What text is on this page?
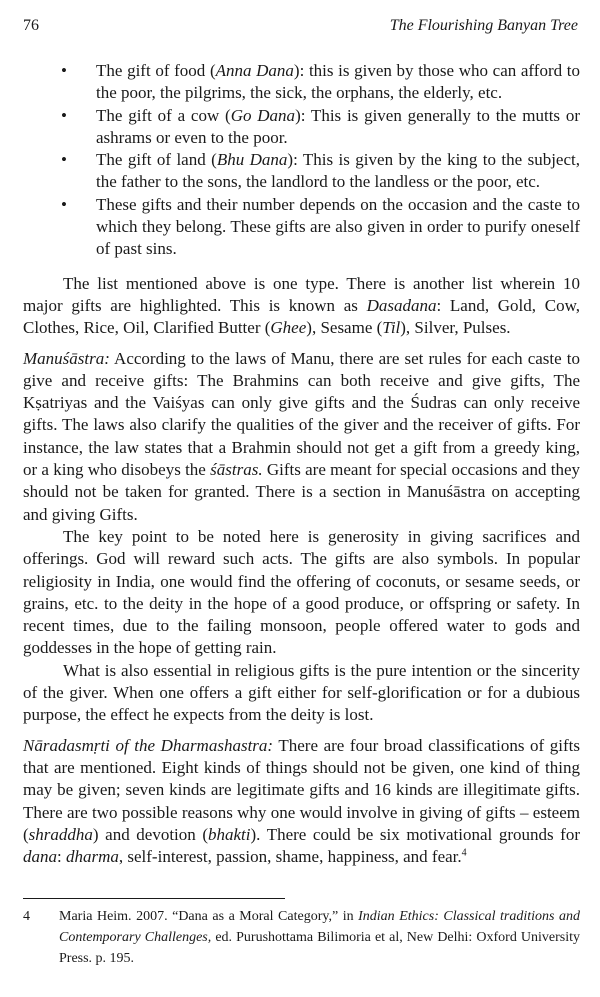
76	The Flourishing Banyan Tree
• The gift of food (Anna Dana): this is given by those who can afford to the poor, the pilgrims, the sick, the orphans, the elderly, etc.
• The gift of a cow (Go Dana): This is given generally to the mutts or ashrams or even to the poor.
• The gift of land (Bhu Dana): This is given by the king to the subject, the father to the sons, the landlord to the landless or the poor, etc.
• These gifts and their number depends on the occasion and the caste to which they belong. These gifts are also given in order to purify oneself of past sins.

The list mentioned above is one type. There is another list wherein 10 major gifts are highlighted. This is known as Dasadana: Land, Gold, Cow, Clothes, Rice, Oil, Clarified Butter (Ghee), Sesame (Til), Silver, Pulses.

Manuśāstra: According to the laws of Manu, there are set rules for each caste to give and receive gifts: The Brahmins can both receive and give gifts, The Kṣatriyas and the Vaiśyas can only give gifts and the Śudras can only receive gifts. The laws also clarify the qualities of the giver and the receiver of gifts. For instance, the law states that a Brahmin should not get a gift from a greedy king, or a king who disobeys the śāstras. Gifts are meant for special occasions and they should not be taken for granted. There is a section in Manuśāstra on accepting and giving Gifts.

The key point to be noted here is generosity in giving sacrifices and offerings. God will reward such acts. The gifts are also symbols. In popular religiosity in India, one would find the offering of coconuts, or sesame seeds, or grains, etc. to the deity in the hope of a good produce, or offspring or safety. In recent times, due to the failing monsoon, people offered water to gods and goddesses in the hope of getting rain.

What is also essential in religious gifts is the pure intention or the sincerity of the giver. When one offers a gift either for self-glorification or for a dubious purpose, the effect he expects from the deity is lost.

Nāradasmṛti of the Dharmashastra: There are four broad classifications of gifts that are mentioned. Eight kinds of things should not be given, one kind of thing may be given; seven kinds are legitimate gifts and 16 kinds are illegitimate gifts. There are two possible reasons why one would involve in giving of gifts – esteem (shraddha) and devotion (bhakti). There could be six motivational grounds for dana: dharma, self-interest, passion, shame, happiness, and fear.$^4$

4 Maria Heim. 2007. “Dana as a Moral Category,” in Indian Ethics: Classical traditions and Contemporary Challenges, ed. Purushottama Bilimoria et al, New Delhi: Oxford University Press. p. 195.
